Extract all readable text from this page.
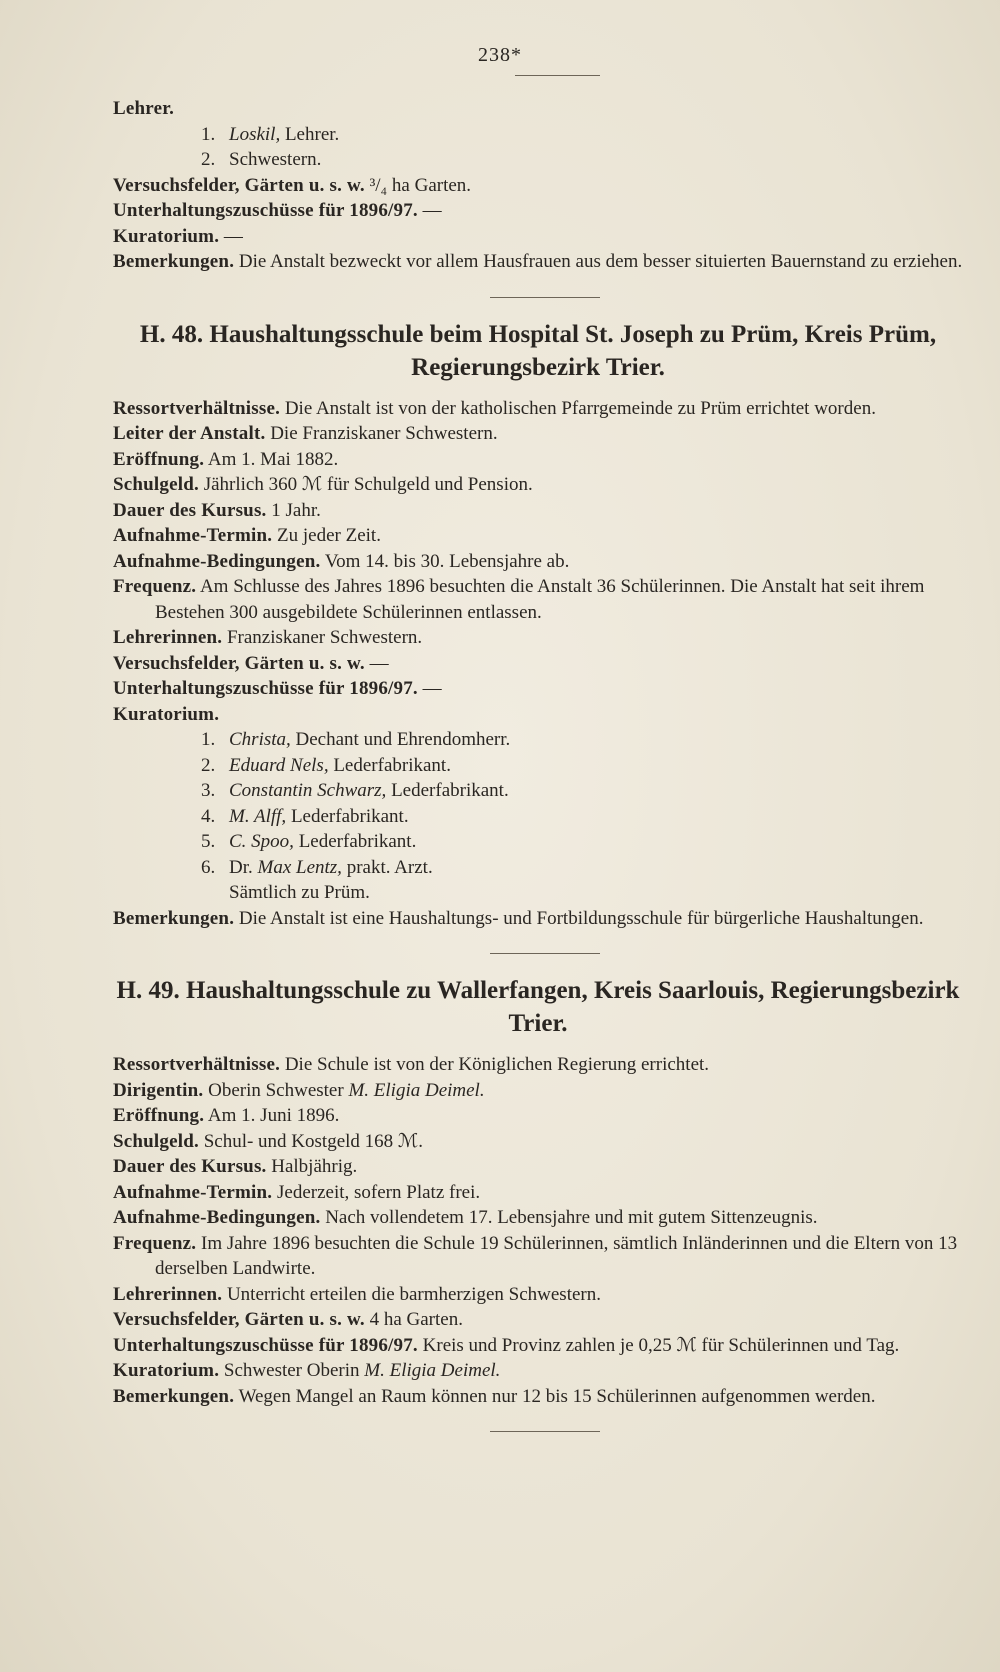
238*

Lehrer.

1. Loskil, Lehrer.
2. Schwestern.

Versuchsfelder, Gärten u. s. w. ³/₄ ha Garten.

Unterhaltungszuschüsse für 1896/97. —

Kuratorium. —

Bemerkungen. Die Anstalt bezweckt vor allem Hausfrauen aus dem besser situierten Bauernstand zu erziehen.

H. 48. Haushaltungsschule beim Hospital St. Joseph zu Prüm, Kreis Prüm, Regierungsbezirk Trier.

Ressortverhältnisse. Die Anstalt ist von der katholischen Pfarrgemeinde zu Prüm errichtet worden.

Leiter der Anstalt. Die Franziskaner Schwestern.

Eröffnung. Am 1. Mai 1882.

Schulgeld. Jährlich 360 ℳ für Schulgeld und Pension.

Dauer des Kursus. 1 Jahr.

Aufnahme-Termin. Zu jeder Zeit.

Aufnahme-Bedingungen. Vom 14. bis 30. Lebensjahre ab.

Frequenz. Am Schlusse des Jahres 1896 besuchten die Anstalt 36 Schülerinnen. Die Anstalt hat seit ihrem Bestehen 300 ausgebildete Schülerinnen entlassen.

Lehrerinnen. Franziskaner Schwestern.

Versuchsfelder, Gärten u. s. w. —

Unterhaltungszuschüsse für 1896/97. —

Kuratorium.

1. Christa, Dechant und Ehrendomherr.
2. Eduard Nels, Lederfabrikant.
3. Constantin Schwarz, Lederfabrikant.
4. M. Alff, Lederfabrikant.
5. C. Spoo, Lederfabrikant.
6. Dr. Max Lentz, prakt. Arzt.
Sämtlich zu Prüm.

Bemerkungen. Die Anstalt ist eine Haushaltungs- und Fortbildungsschule für bürgerliche Haushaltungen.

H. 49. Haushaltungsschule zu Wallerfangen, Kreis Saarlouis, Regierungsbezirk Trier.

Ressortverhältnisse. Die Schule ist von der Königlichen Regierung errichtet.

Dirigentin. Oberin Schwester M. Eligia Deimel.

Eröffnung. Am 1. Juni 1896.

Schulgeld. Schul- und Kostgeld 168 ℳ.

Dauer des Kursus. Halbjährig.

Aufnahme-Termin. Jederzeit, sofern Platz frei.

Aufnahme-Bedingungen. Nach vollendetem 17. Lebensjahre und mit gutem Sittenzeugnis.

Frequenz. Im Jahre 1896 besuchten die Schule 19 Schülerinnen, sämtlich Inländerinnen und die Eltern von 13 derselben Landwirte.

Lehrerinnen. Unterricht erteilen die barmherzigen Schwestern.

Versuchsfelder, Gärten u. s. w. 4 ha Garten.

Unterhaltungszuschüsse für 1896/97. Kreis und Provinz zahlen je 0,25 ℳ für Schülerinnen und Tag.

Kuratorium. Schwester Oberin M. Eligia Deimel.

Bemerkungen. Wegen Mangel an Raum können nur 12 bis 15 Schülerinnen aufgenommen werden.
